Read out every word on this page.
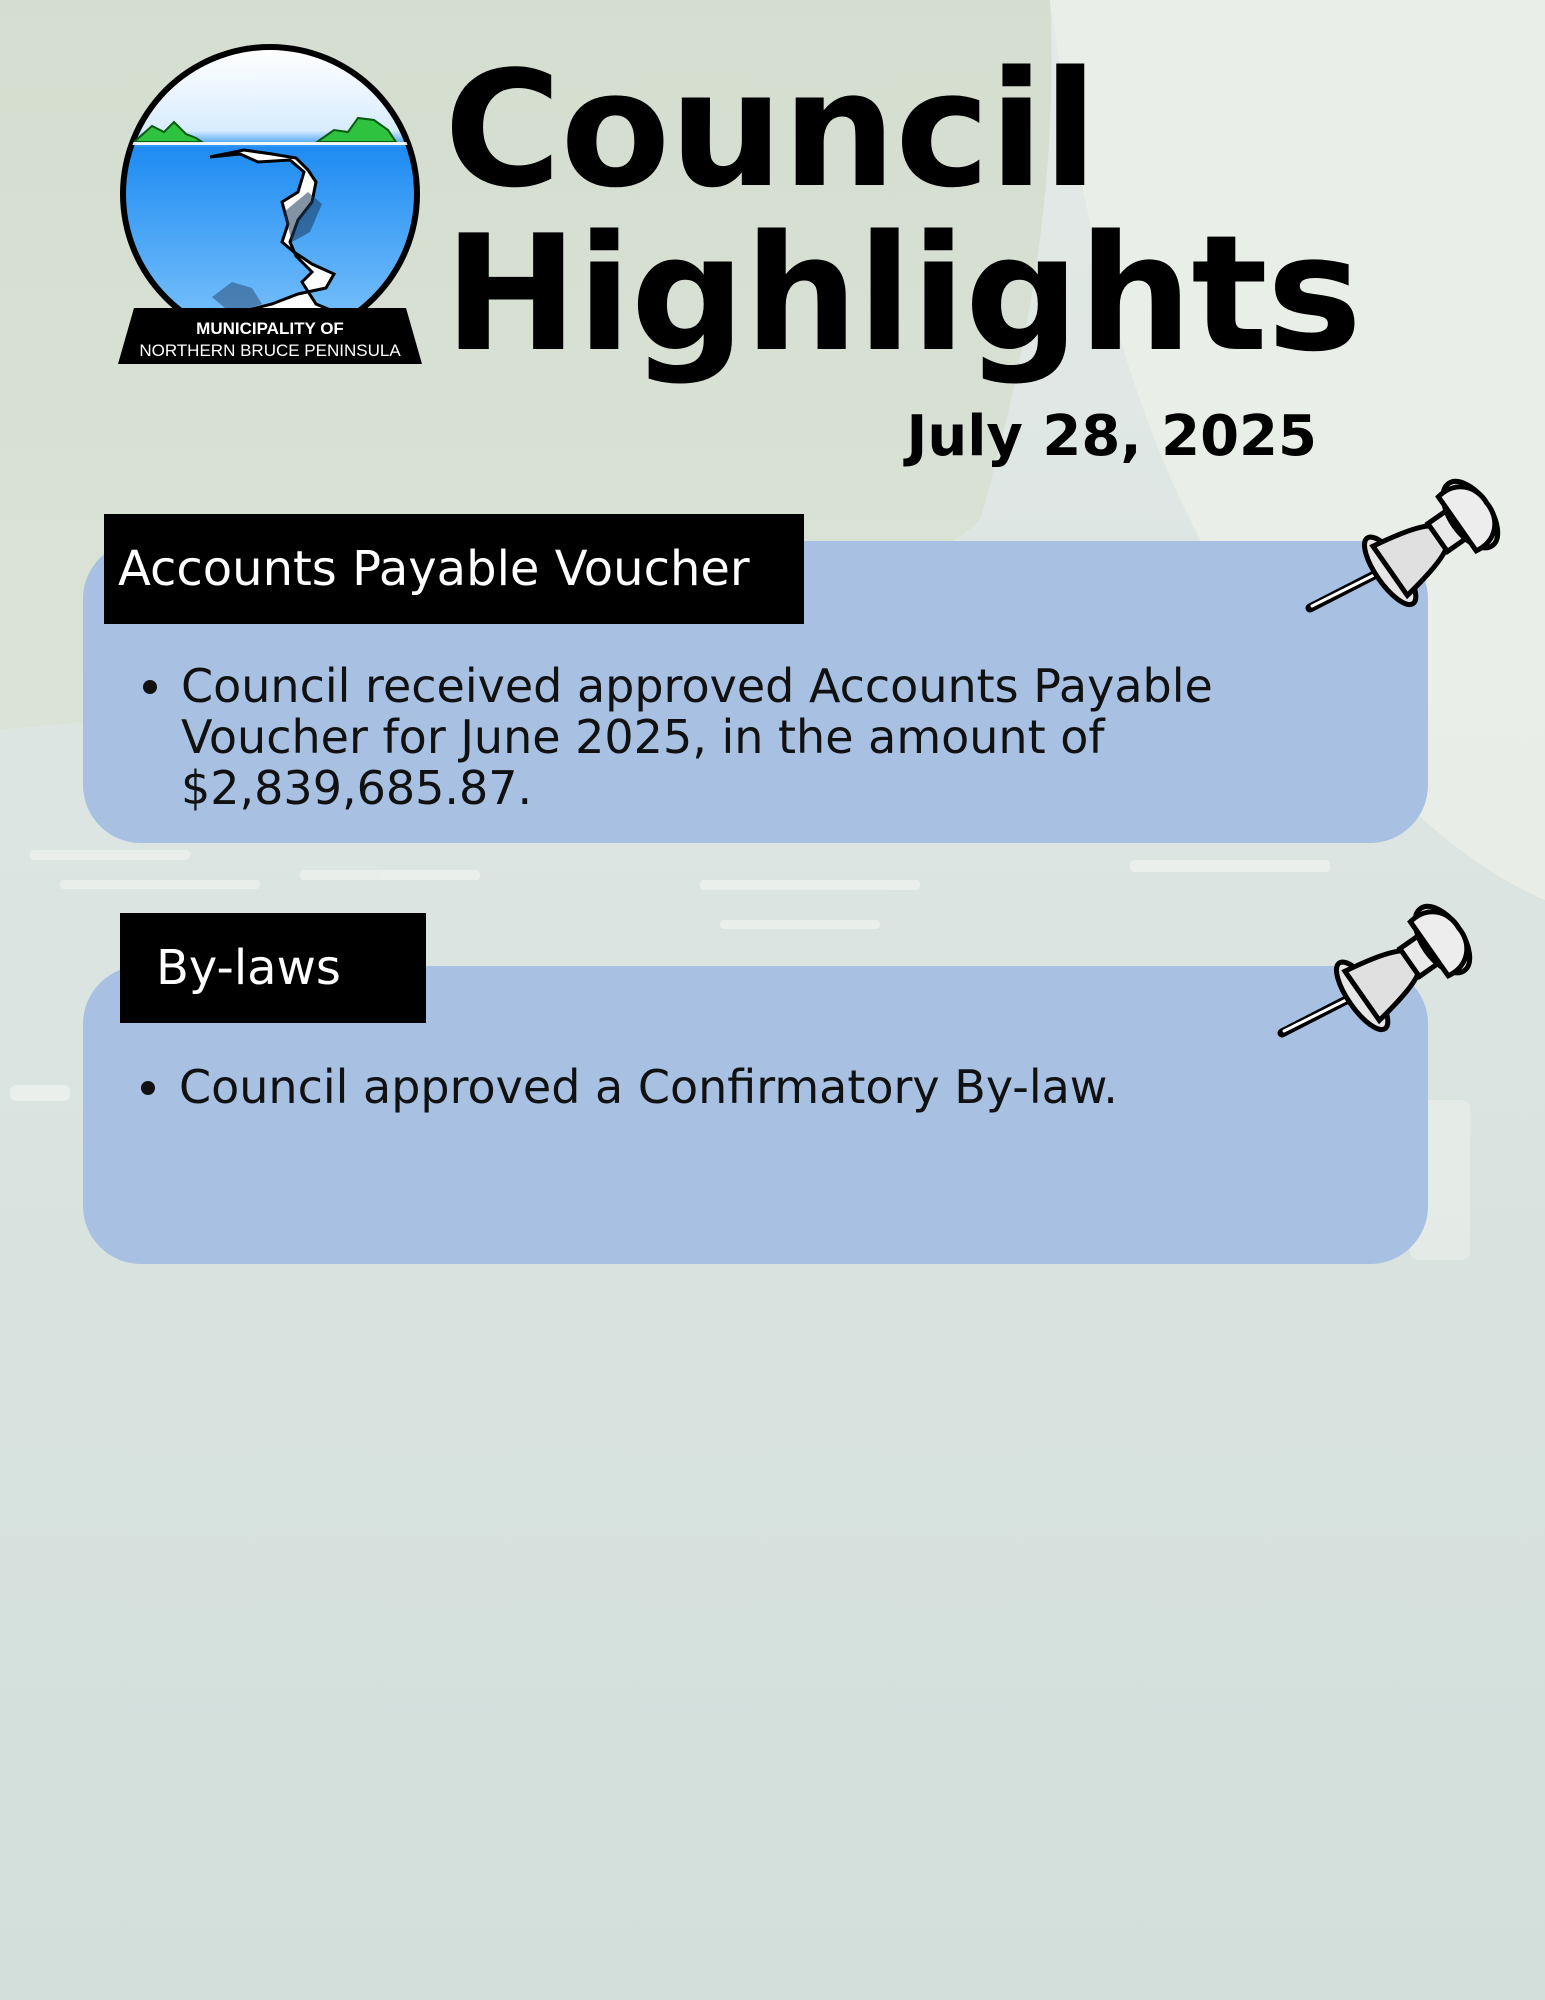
MUNICIPALITY OF
NORTHERN BRUCE PENINSULA
Council
Highlights
July 28, 2025
Council received approved Accounts Payable Voucher for June 2025, in the amount of $2,839,685.87.
Accounts Payable Voucher
Council approved a Confirmatory By-law.
By-laws
